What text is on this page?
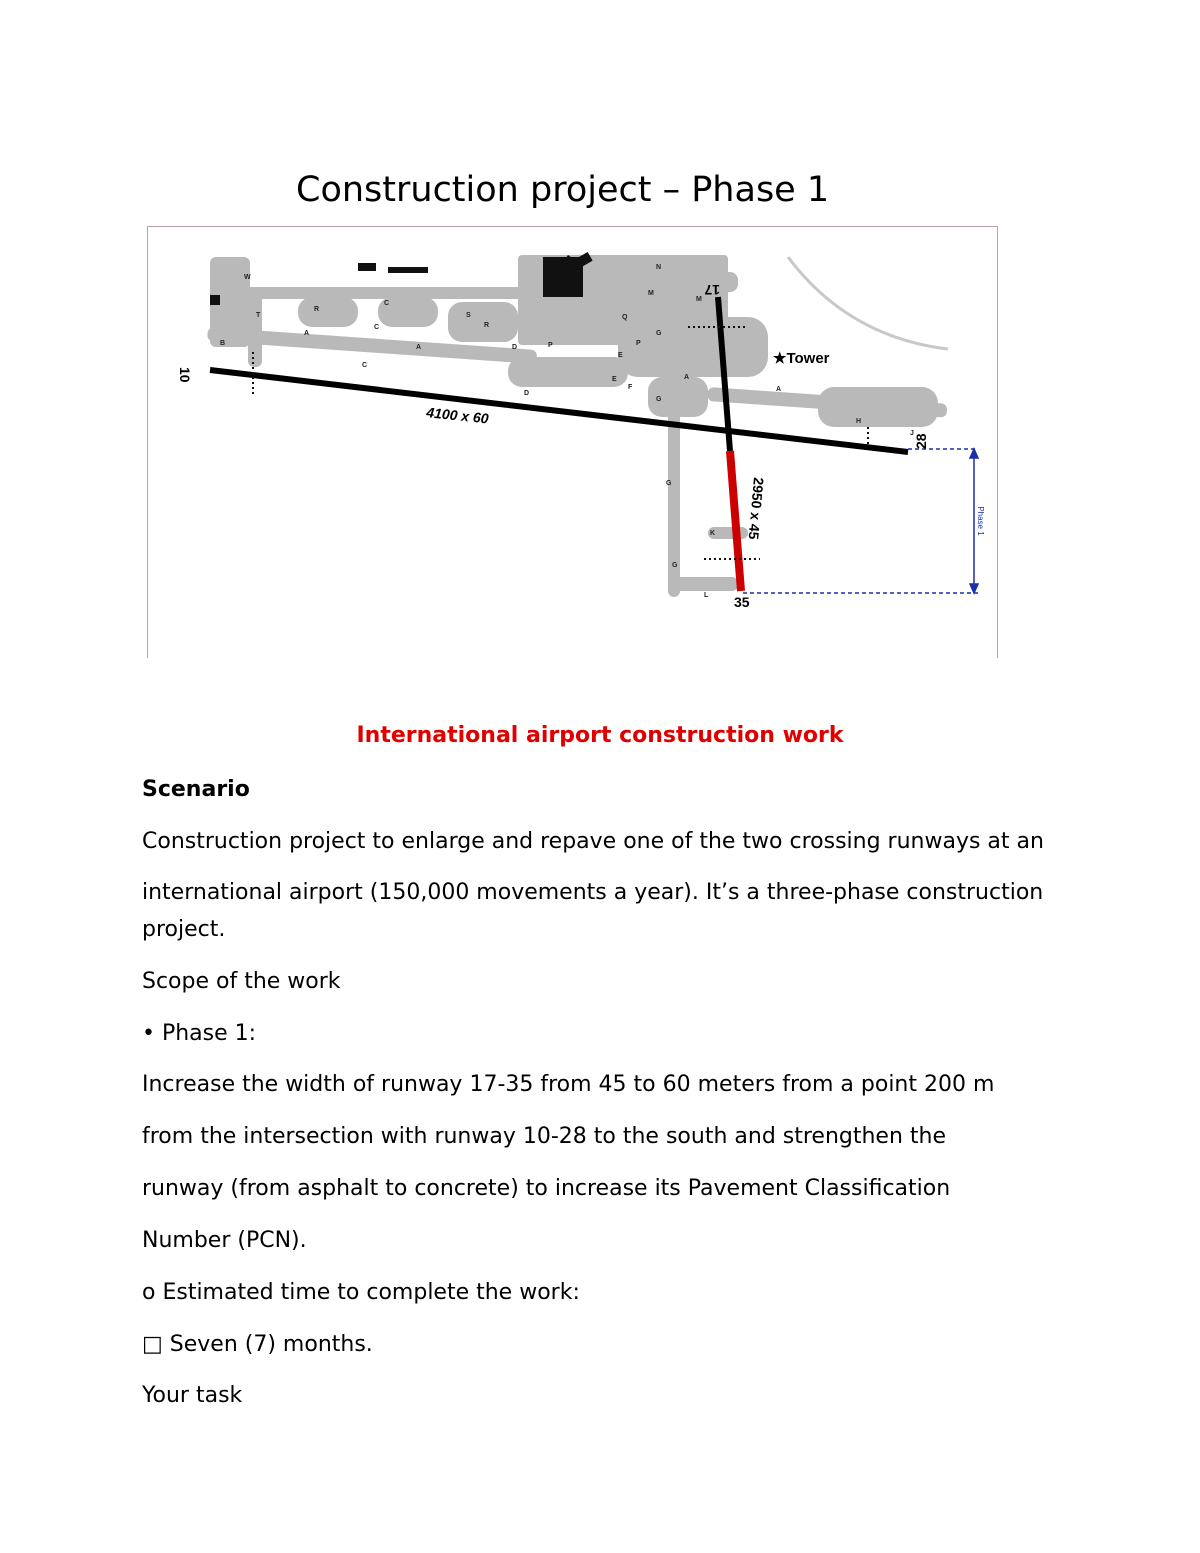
Construction project – Phase 1
Phase 1
4100 x 60
2950 x 45
10
28
17
35
★Tower
W
R
C
T
A
C
B
S
R
A	D	P
Q
N
M
M
G
P
E
C
D
E
F
G
A
A
H
J
G
K
G
L
International airport construction work
Scenario
Construction project to enlarge and repave one of the two crossing runways at an
international airport (150,000 movements a year). It’s a three-phase construction
project.
Scope of the work
• Phase 1:
Increase the width of runway 17-35 from 45 to 60 meters from a point 200 m
from the intersection with runway 10-28 to the south and strengthen the
runway (from asphalt to concrete) to increase its Pavement Classification
Number (PCN).
o Estimated time to complete the work:
□ Seven (7) months.
Your task
